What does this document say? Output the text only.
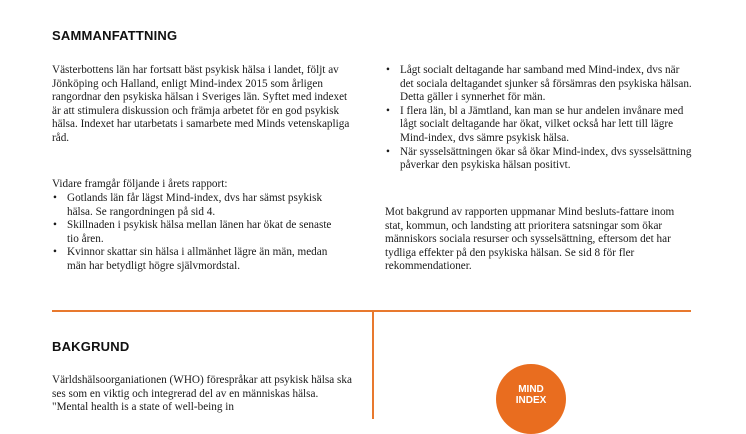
SAMMANFATTNING

Västerbottens län har fortsatt bäst psykisk hälsa i landet, följt av Jönköping och Halland, enligt Mind-index 2015 som årligen rangordnar den psykiska hälsan i Sveriges län. Syftet med indexet är att stimulera diskussion och främja arbetet för en god psykisk hälsa. Indexet har utarbetats i samarbete med Minds vetenskapliga råd.

Vidare framgår följande i årets rapport:

• Gotlands län får lägst Mind-index, dvs har sämst psykisk hälsa. Se rangordningen på sid 4.
• Skillnaden i psykisk hälsa mellan länen har ökat de senaste tio åren.
• Kvinnor skattar sin hälsa i allmänhet lägre än män, medan män har betydligt högre självmordstal.
• Lågt socialt deltagande har samband med Mind-index, dvs när det sociala deltagandet sjunker så försämras den psykiska hälsan. Detta gäller i synnerhet för män.
• I flera län, bl a Jämtland, kan man se hur andelen invånare med lågt socialt deltagande har ökat, vilket också har lett till lägre Mind-index, dvs sämre psykisk hälsa.
• När sysselsättningen ökar så ökar Mind-index, dvs sysselsättning påverkar den psykiska hälsan positivt.

Mot bakgrund av rapporten uppmanar Mind besluts-fattare inom stat, kommun, och landsting att prioritera satsningar som ökar människors sociala resurser och sysselsättning, eftersom det har tydliga effekter på den psykiska hälsan. Se sid 8 för fler rekommendationer.

BAKGRUND

Världshälsoorganiationen (WHO) förespråkar att psykisk hälsa ska ses som en viktig och integrerad del av en människas hälsa. "Mental health is a state of well-being in

MIND
INDEX
